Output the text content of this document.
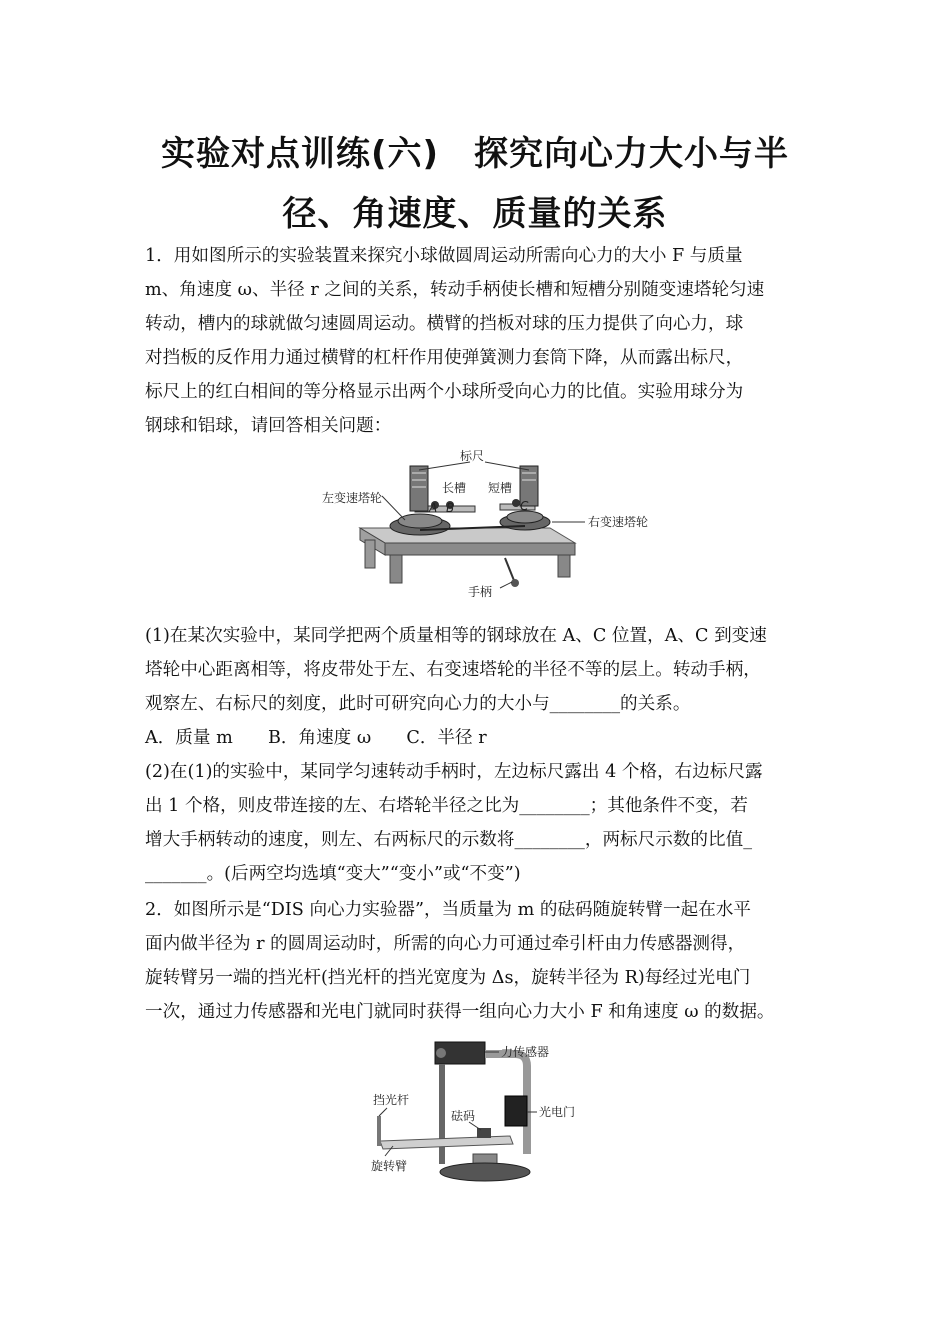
实验对点训练(六)　探究向心力大小与半
径、角速度、质量的关系
1．用如图所示的实验装置来探究小球做圆周运动所需向心力的大小 F 与质量
m、角速度 ω、半径 r 之间的关系，转动手柄使长槽和短槽分别随变速塔轮匀速
转动，槽内的球就做匀速圆周运动。横臂的挡板对球的压力提供了向心力，球
对挡板的反作用力通过横臂的杠杆作用使弹簧测力套筒下降，从而露出标尺，
标尺上的红白相间的等分格显示出两个小球所受向心力的比值。实验用球分为
钢球和铝球，请回答相关问题：
标尺
长槽 短槽
左变速塔轮
右变速塔轮
手柄
A B	C
(1)在某次实验中，某同学把两个质量相等的钢球放在 A、C 位置，A、C 到变速
塔轮中心距离相等，将皮带处于左、右变速塔轮的半径不等的层上。转动手柄，
观察左、右标尺的刻度，此时可研究向心力的大小与________的关系。
A．质量 m　　B．角速度 ω　　C．半径 r
(2)在(1)的实验中，某同学匀速转动手柄时，左边标尺露出 4 个格，右边标尺露
出 1 个格，则皮带连接的左、右塔轮半径之比为________；其他条件不变，若
增大手柄转动的速度，则左、右两标尺的示数将________，两标尺示数的比值_
_______。(后两空均选填“变大”“变小”或“不变”)
2．如图所示是“DIS 向心力实验器”，当质量为 m 的砝码随旋转臂一起在水平
面内做半径为 r 的圆周运动时，所需的向心力可通过牵引杆由力传感器测得，
旋转臂另一端的挡光杆(挡光杆的挡光宽度为 Δs，旋转半径为 R)每经过光电门
一次，通过力传感器和光电门就同时获得一组向心力大小 F 和角速度 ω 的数据。
力传感器
挡光杆
砝码	光电门
旋转臂
